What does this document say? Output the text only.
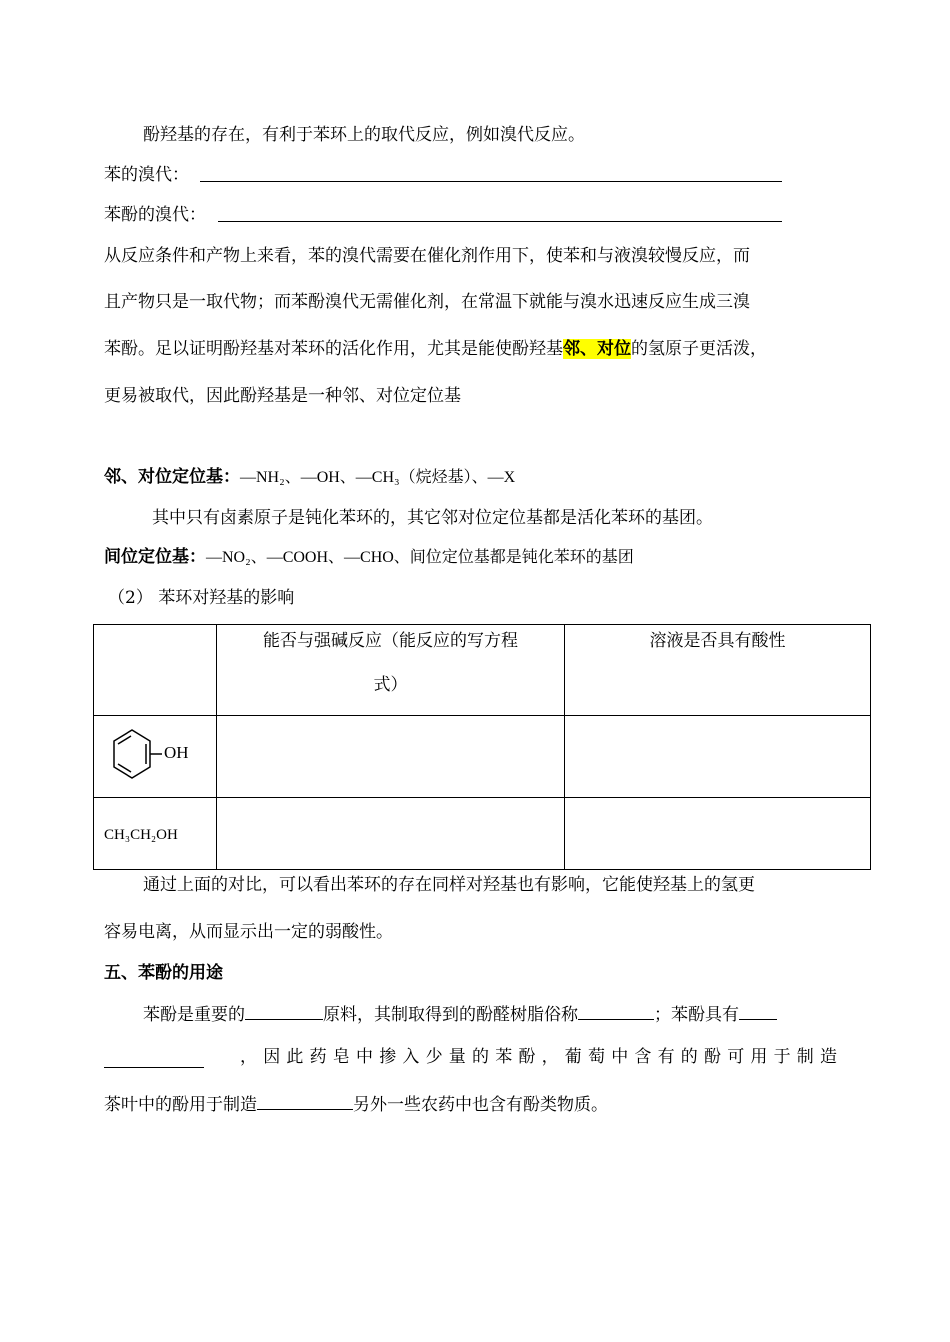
酚羟基的存在，有利于苯环上的取代反应，例如溴代反应。
苯的溴代：
苯酚的溴代：
从反应条件和产物上来看，苯的溴代需要在催化剂作用下，使苯和与液溴较慢反应，而
且产物只是一取代物；而苯酚溴代无需催化剂，在常温下就能与溴水迅速反应生成三溴
苯酚。足以证明酚羟基对苯环的活化作用，尤其是能使酚羟基邻、对位的氢原子更活泼，
更易被取代，因此酚羟基是一种邻、对位定位基
邻、对位定位基：—NH₂、—OH、—CH₃（烷烃基）、—X
其中只有卤素原子是钝化苯环的，其它邻对位定位基都是活化苯环的基团。
间位定位基：—NO₂、—COOH、—CHO、间位定位基都是钝化苯环的基团
（2） 苯环对羟基的影响

	能否与强碱反应（能反应的写方程
式）	溶液是否具有酸性

OH		

CH₃CH₂OH		
通过上面的对比，可以看出苯环的存在同样对羟基也有影响，它能使羟基上的氢更
容易电离，从而显示出一定的弱酸性。
五、苯酚的用途
苯酚是重要的	原料，其制取得到的酚醛树脂俗称	；苯酚具有
，因此药皂中掺入少量的苯酚，葡萄中含有的酚可用于制造
茶叶中的酚用于制造	另外一些农药中也含有酚类物质。
